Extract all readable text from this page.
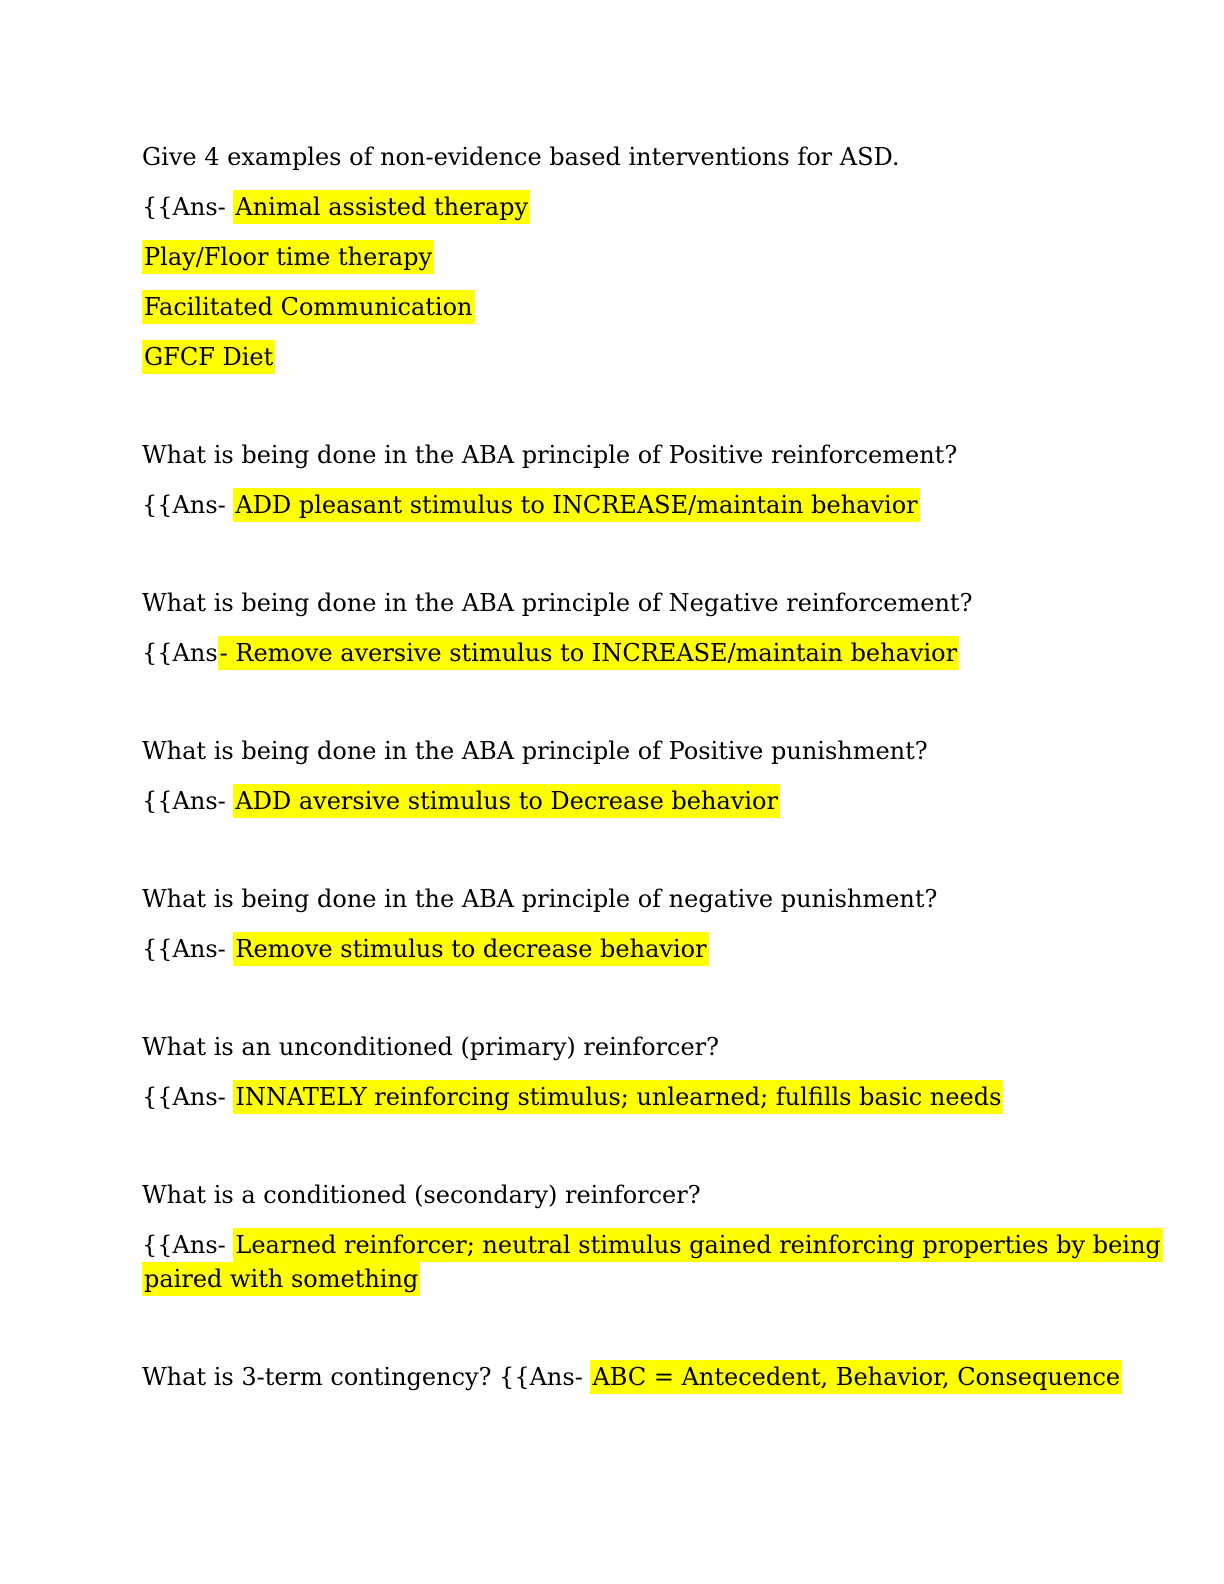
Give 4 examples of non-evidence based interventions for ASD.
{{Ans- Animal assisted therapy
Play/Floor time therapy
Facilitated Communication
GFCF Diet
What is being done in the ABA principle of Positive reinforcement?
{{Ans- ADD pleasant stimulus to INCREASE/maintain behavior
What is being done in the ABA principle of Negative reinforcement?
{{Ans- Remove aversive stimulus to INCREASE/maintain behavior
What is being done in the ABA principle of Positive punishment?
{{Ans- ADD aversive stimulus to Decrease behavior
What is being done in the ABA principle of negative punishment?
{{Ans- Remove stimulus to decrease behavior
What is an unconditioned (primary) reinforcer?
{{Ans- INNATELY reinforcing stimulus; unlearned; fulfills basic needs
What is a conditioned (secondary) reinforcer?
{{Ans- Learned reinforcer; neutral stimulus gained reinforcing properties by being
paired with something
What is 3-term contingency? {{Ans- ABC = Antecedent, Behavior, Consequence
